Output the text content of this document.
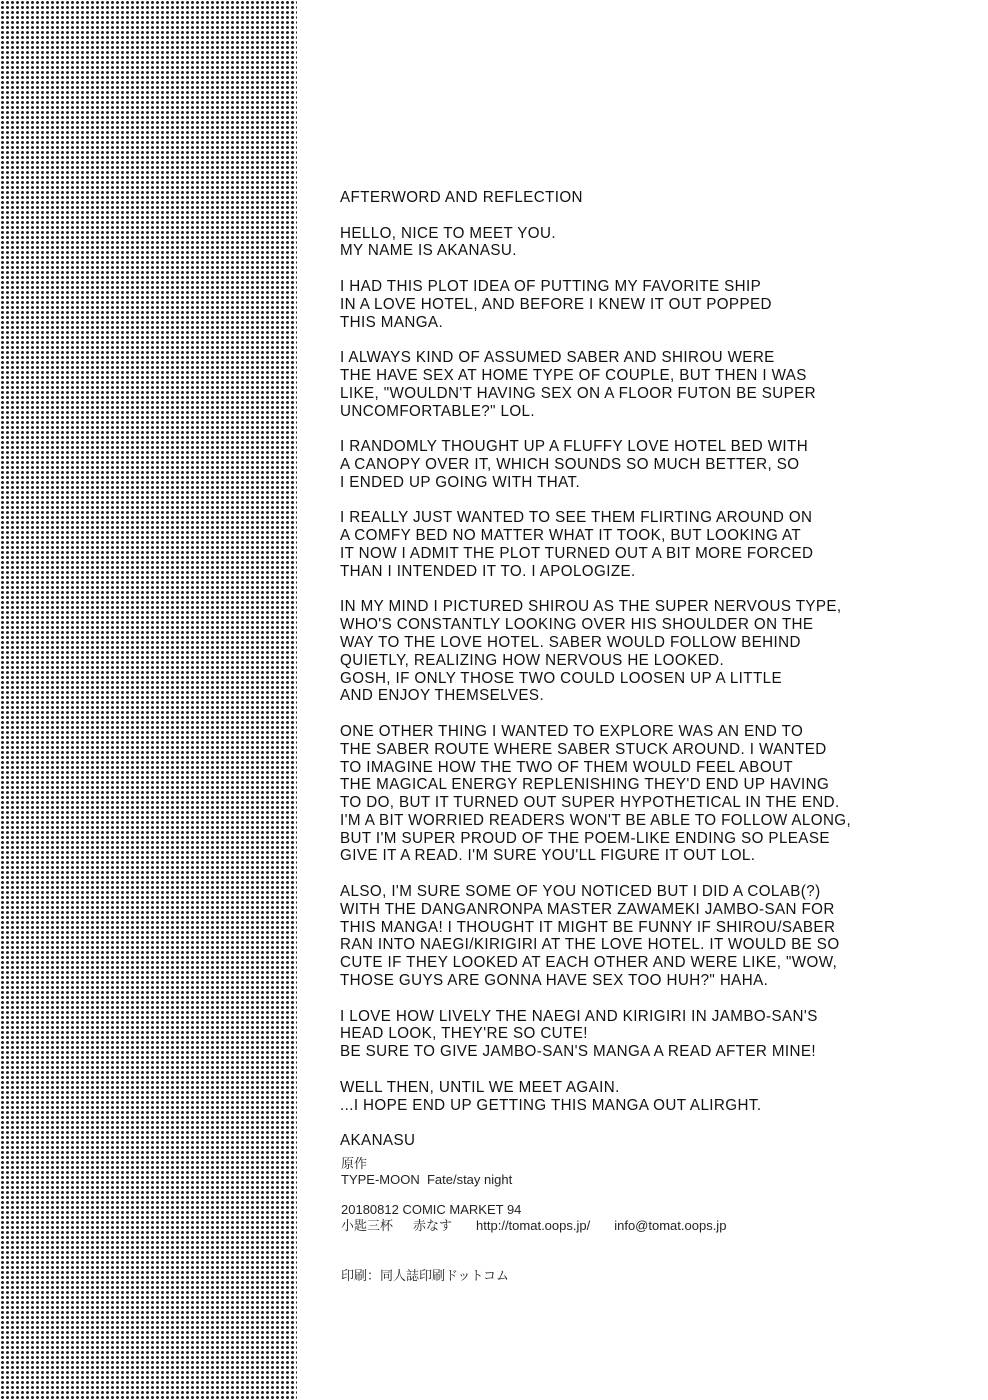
AFTERWORD AND REFLECTION
HELLO, NICE TO MEET YOU.
MY NAME IS AKANASU.
I HAD THIS PLOT IDEA OF PUTTING MY FAVORITE SHIP
IN A LOVE HOTEL, AND BEFORE I KNEW IT OUT POPPED
THIS MANGA.
I ALWAYS KIND OF ASSUMED SABER AND SHIROU WERE
THE HAVE SEX AT HOME TYPE OF COUPLE, BUT THEN I WAS
LIKE, "WOULDN'T HAVING SEX ON A FLOOR FUTON BE SUPER
UNCOMFORTABLE?" LOL.
I RANDOMLY THOUGHT UP A FLUFFY LOVE HOTEL BED WITH
A CANOPY OVER IT, WHICH SOUNDS SO MUCH BETTER, SO
I ENDED UP GOING WITH THAT.
I REALLY JUST WANTED TO SEE THEM FLIRTING AROUND ON
A COMFY BED NO MATTER WHAT IT TOOK, BUT LOOKING AT
IT NOW I ADMIT THE PLOT TURNED OUT A BIT MORE FORCED
THAN I INTENDED IT TO. I APOLOGIZE.
IN MY MIND I PICTURED SHIROU AS THE SUPER NERVOUS TYPE,
WHO'S CONSTANTLY LOOKING OVER HIS SHOULDER ON THE
WAY TO THE LOVE HOTEL. SABER WOULD FOLLOW BEHIND
QUIETLY, REALIZING HOW NERVOUS HE LOOKED.
GOSH, IF ONLY THOSE TWO COULD LOOSEN UP A LITTLE
AND ENJOY THEMSELVES.
ONE OTHER THING I WANTED TO EXPLORE WAS AN END TO
THE SABER ROUTE WHERE SABER STUCK AROUND. I WANTED
TO IMAGINE HOW THE TWO OF THEM WOULD FEEL ABOUT
THE MAGICAL ENERGY REPLENISHING THEY'D END UP HAVING
TO DO, BUT IT TURNED OUT SUPER HYPOTHETICAL IN THE END.
I'M A BIT WORRIED READERS WON'T BE ABLE TO FOLLOW ALONG,
BUT I'M SUPER PROUD OF THE POEM-LIKE ENDING SO PLEASE
GIVE IT A READ. I'M SURE YOU'LL FIGURE IT OUT LOL.
ALSO, I'M SURE SOME OF YOU NOTICED BUT I DID A COLAB(?)
WITH THE DANGANRONPA MASTER ZAWAMEKI JAMBO-SAN FOR
THIS MANGA! I THOUGHT IT MIGHT BE FUNNY IF SHIROU/SABER
RAN INTO NAEGI/KIRIGIRI AT THE LOVE HOTEL. IT WOULD BE SO
CUTE IF THEY LOOKED AT EACH OTHER AND WERE LIKE, "WOW,
THOSE GUYS ARE GONNA HAVE SEX TOO HUH?" HAHA.
I LOVE HOW LIVELY THE NAEGI AND KIRIGIRI IN JAMBO-SAN'S
HEAD LOOK, THEY'RE SO CUTE!
BE SURE TO GIVE JAMBO-SAN'S MANGA A READ AFTER MINE!
WELL THEN, UNTIL WE MEET AGAIN.
...I HOPE END UP GETTING THIS MANGA OUT ALIRGHT.
AKANASU
原作
TYPE-MOON  Fate/stay night
20180812 COMIC MARKET 94
小匙三杯 赤なす http://tomat.oops.jp/ info@tomat.oops.jp
印刷：同人誌印刷ドットコム
